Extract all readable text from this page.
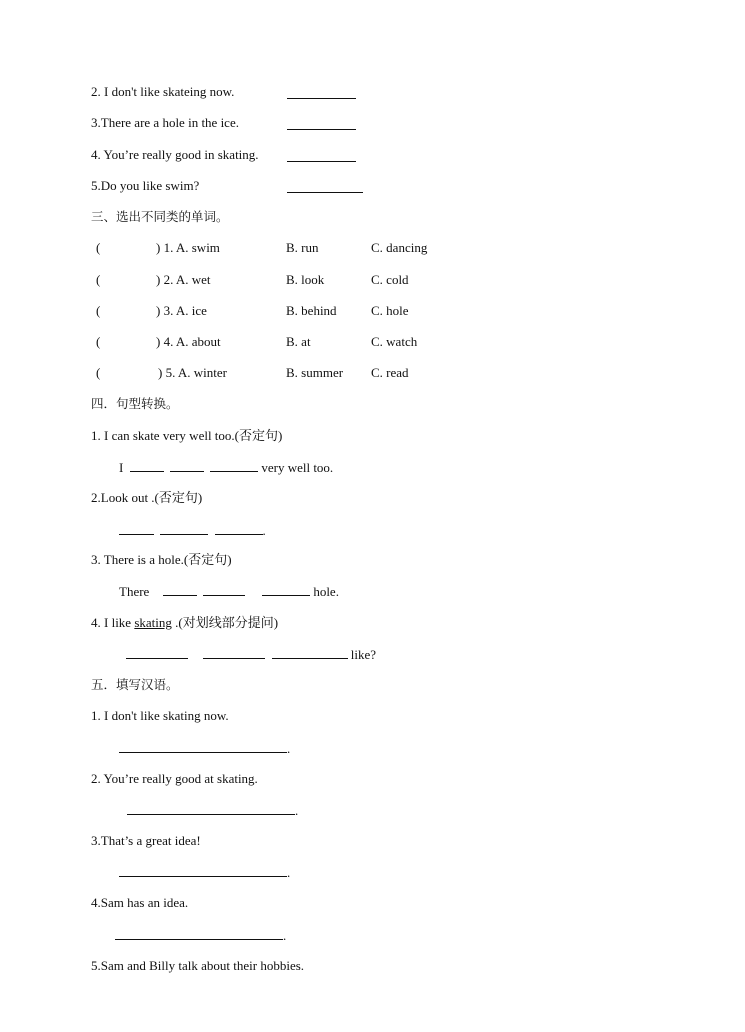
2. I don't like skateing now.
3.There are a hole in the ice.
4. You’re really good in skating.
5.Do you like swim?
三、选出不同类的单词。
(	) 1. A. swim	B. run	C. dancing
(	) 2. A. wet	B. look	C. cold
(	) 3. A. ice	B. behind	C. hole
(	) 4. A. about	B. at	C. watch
(	) 5. A. winter	B. summer C. read
四．句型转换。
1. I can skate very well too.(否定句)
I	very well too.
2.Look out .(否定句)
.
3. There is a hole.(否定句)
There	hole.
4. I like skating .(对划线部分提问)
like?
五．填写汉语。
1. I don't like skating now.
.
2. You’re really good at skating.
.
3.That’s a great idea!
.
4.Sam has an idea.
.
5.Sam and Billy talk about their hobbies.
